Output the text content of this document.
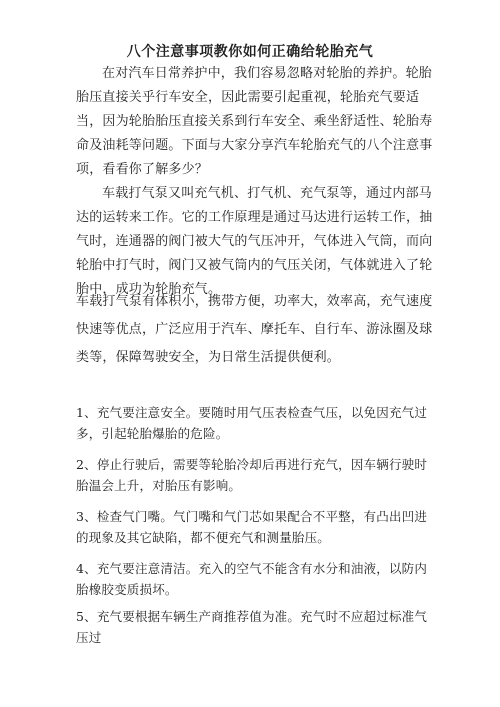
八个注意事项教你如何正确给轮胎充气

在对汽车日常养护中，我们容易忽略对轮胎的养护。轮胎胎压直接关乎行车安全，因此需要引起重视，轮胎充气要适当，因为轮胎胎压直接关系到行车安全、乘坐舒适性、轮胎寿命及油耗等问题。下面与大家分享汽车轮胎充气的八个注意事项，看看你了解多少？

车载打气泵又叫充气机、打气机、充气泵等，通过内部马达的运转来工作。它的工作原理是通过马达进行运转工作，抽气时，连通器的阀门被大气的气压冲开，气体进入气筒，而向轮胎中打气时，阀门又被气筒内的气压关闭，气体就进入了轮胎中，成功为轮胎充气。

车载打气泵有体积小，携带方便，功率大，效率高，充气速度快速等优点，广泛应用于汽车、摩托车、自行车、游泳圈及球类等，保障驾驶安全，为日常生活提供便利。

1、充气要注意安全。要随时用气压表检查气压，以免因充气过多，引起轮胎爆胎的危险。

2、停止行驶后，需要等轮胎冷却后再进行充气，因车辆行驶时胎温会上升，对胎压有影响。

3、检查气门嘴。气门嘴和气门芯如果配合不平整，有凸出凹进的现象及其它缺陷，都不便充气和测量胎压。

4、充气要注意清洁。充入的空气不能含有水分和油液，以防内胎橡胶变质损坏。

5、充气要根据车辆生产商推荐值为准。充气时不应超过标准气压过
